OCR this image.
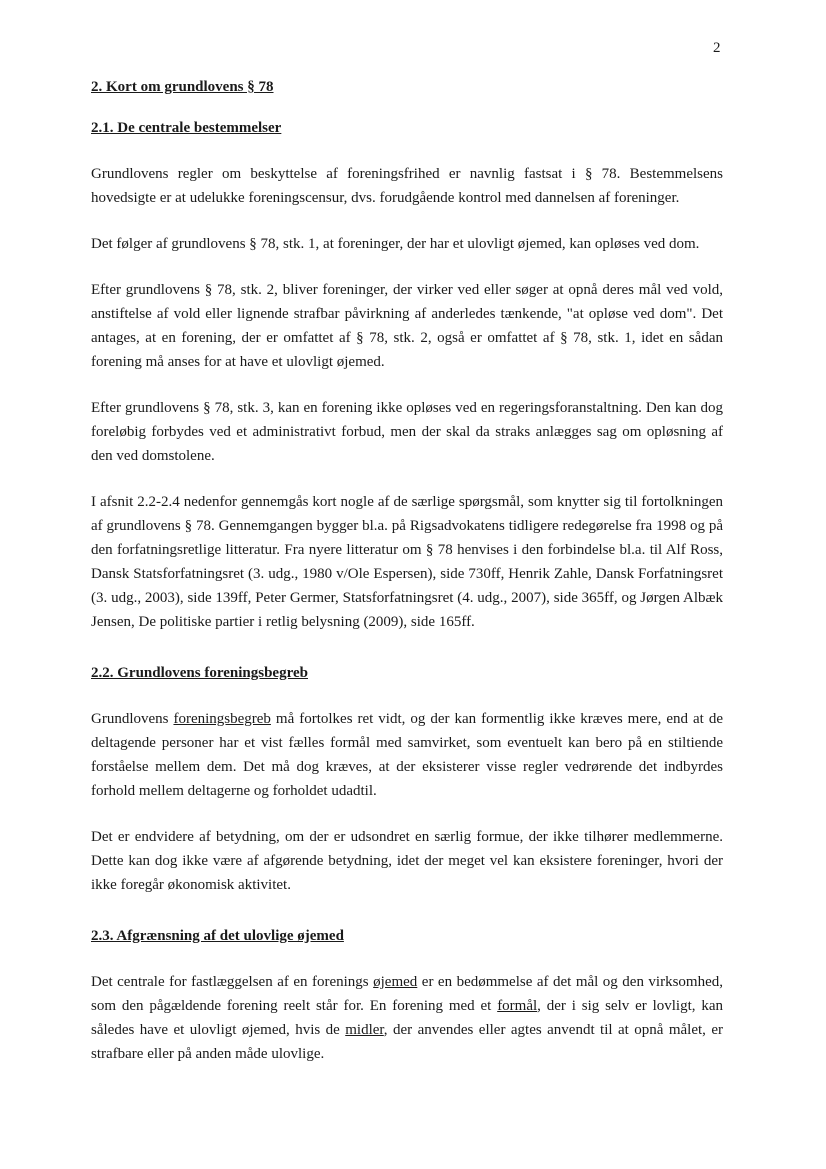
2
2. Kort om grundlovens § 78
2.1. De centrale bestemmelser

Grundlovens regler om beskyttelse af foreningsfrihed er navnlig fastsat i § 78. Bestemmelsens hovedsigte er at udelukke foreningscensur, dvs. forudgående kontrol med dannelsen af foreninger.

Det følger af grundlovens § 78, stk. 1, at foreninger, der har et ulovligt øjemed, kan opløses ved dom.

Efter grundlovens § 78, stk. 2, bliver foreninger, der virker ved eller søger at opnå deres mål ved vold, anstiftelse af vold eller lignende strafbar påvirkning af anderledes tænkende, "at opløse ved dom". Det antages, at en forening, der er omfattet af § 78, stk. 2, også er omfattet af § 78, stk. 1, idet en sådan forening må anses for at have et ulovligt øjemed.

Efter grundlovens § 78, stk. 3, kan en forening ikke opløses ved en regeringsforanstaltning. Den kan dog foreløbig forbydes ved et administrativt forbud, men der skal da straks anlægges sag om opløsning af den ved domstolene.

I afsnit 2.2-2.4 nedenfor gennemgås kort nogle af de særlige spørgsmål, som knytter sig til fortolkningen af grundlovens § 78. Gennemgangen bygger bl.a. på Rigsadvokatens tidligere redegørelse fra 1998 og på den forfatningsretlige litteratur. Fra nyere litteratur om § 78 henvises i den forbindelse bl.a. til Alf Ross, Dansk Statsforfatningsret (3. udg., 1980 v/Ole Espersen), side 730ff, Henrik Zahle, Dansk Forfatningsret (3. udg., 2003), side 139ff, Peter Germer, Statsforfatningsret (4. udg., 2007), side 365ff, og Jørgen Albæk Jensen, De politiske partier i retlig belysning (2009), side 165ff.

2.2. Grundlovens foreningsbegreb

Grundlovens foreningsbegreb må fortolkes ret vidt, og der kan formentlig ikke kræves mere, end at de deltagende personer har et vist fælles formål med samvirket, som eventuelt kan bero på en stiltiende forståelse mellem dem. Det må dog kræves, at der eksisterer visse regler vedrørende det indbyrdes forhold mellem deltagerne og forholdet udadtil.

Det er endvidere af betydning, om der er udsondret en særlig formue, der ikke tilhører medlemmerne. Dette kan dog ikke være af afgørende betydning, idet der meget vel kan eksistere foreninger, hvori der ikke foregår økonomisk aktivitet.

2.3. Afgrænsning af det ulovlige øjemed

Det centrale for fastlæggelsen af en forenings øjemed er en bedømmelse af det mål og den virksomhed, som den pågældende forening reelt står for. En forening med et formål, der i sig selv er lovligt, kan således have et ulovligt øjemed, hvis de midler, der anvendes eller agtes anvendt til at opnå målet, er strafbare eller på anden måde ulovlige.
